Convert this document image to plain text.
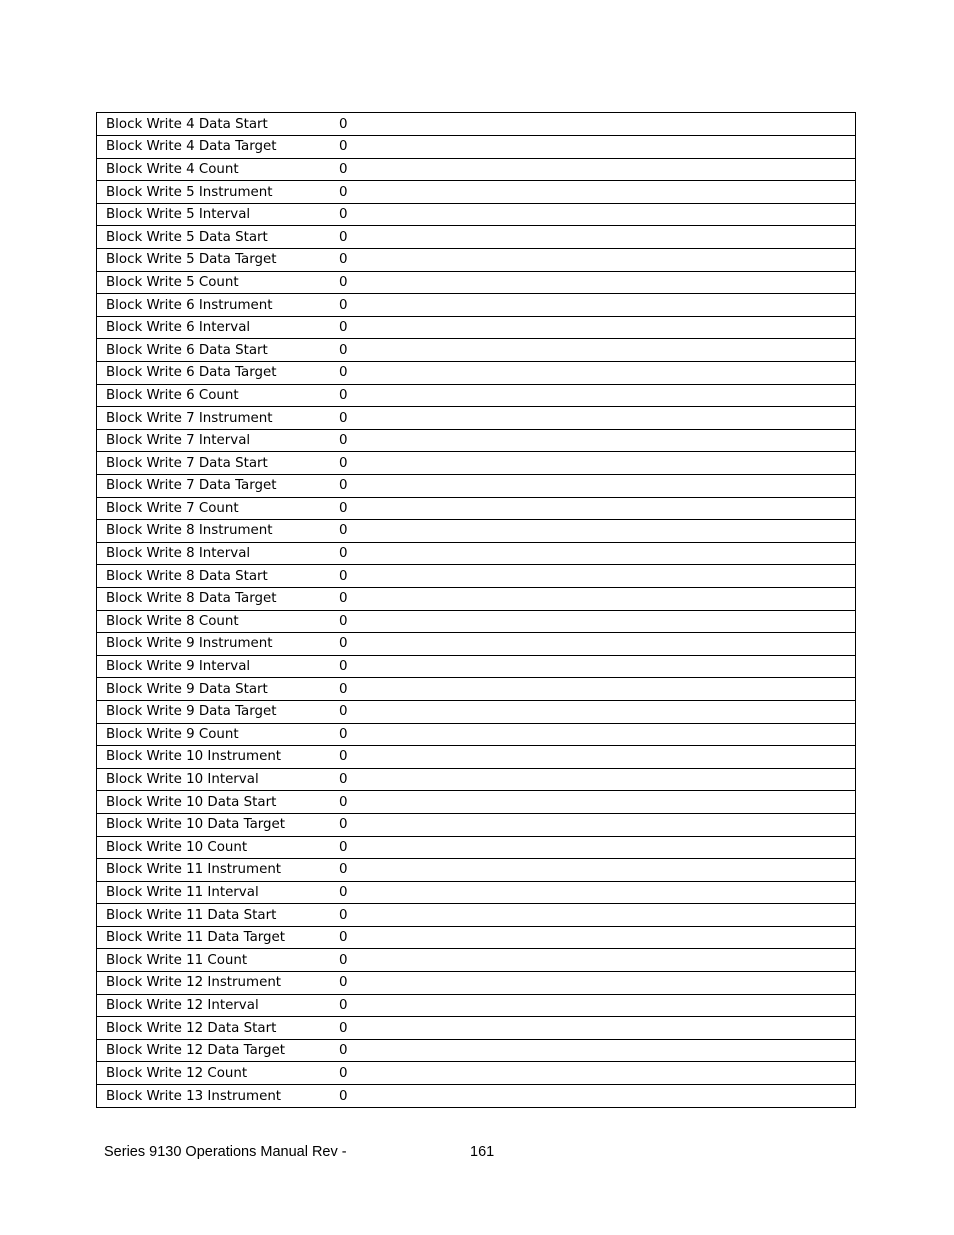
Block Write 4 Data Start	0
Block Write 4 Data Target	0
Block Write 4 Count	0
Block Write 5 Instrument	0
Block Write 5 Interval	0
Block Write 5 Data Start	0
Block Write 5 Data Target	0
Block Write 5 Count	0
Block Write 6 Instrument	0
Block Write 6 Interval	0
Block Write 6 Data Start	0
Block Write 6 Data Target	0
Block Write 6 Count	0
Block Write 7 Instrument	0
Block Write 7 Interval	0
Block Write 7 Data Start	0
Block Write 7 Data Target	0
Block Write 7 Count	0
Block Write 8 Instrument	0
Block Write 8 Interval	0
Block Write 8 Data Start	0
Block Write 8 Data Target	0
Block Write 8 Count	0
Block Write 9 Instrument	0
Block Write 9 Interval	0
Block Write 9 Data Start	0
Block Write 9 Data Target	0
Block Write 9 Count	0
Block Write 10 Instrument	0
Block Write 10 Interval	0
Block Write 10 Data Start	0
Block Write 10 Data Target	0
Block Write 10 Count	0
Block Write 11 Instrument	0
Block Write 11 Interval	0
Block Write 11 Data Start	0
Block Write 11 Data Target	0
Block Write 11 Count	0
Block Write 12 Instrument	0
Block Write 12 Interval	0
Block Write 12 Data Start	0
Block Write 12 Data Target	0
Block Write 12 Count	0
Block Write 13 Instrument	0
Series 9130 Operations Manual Rev -	161
